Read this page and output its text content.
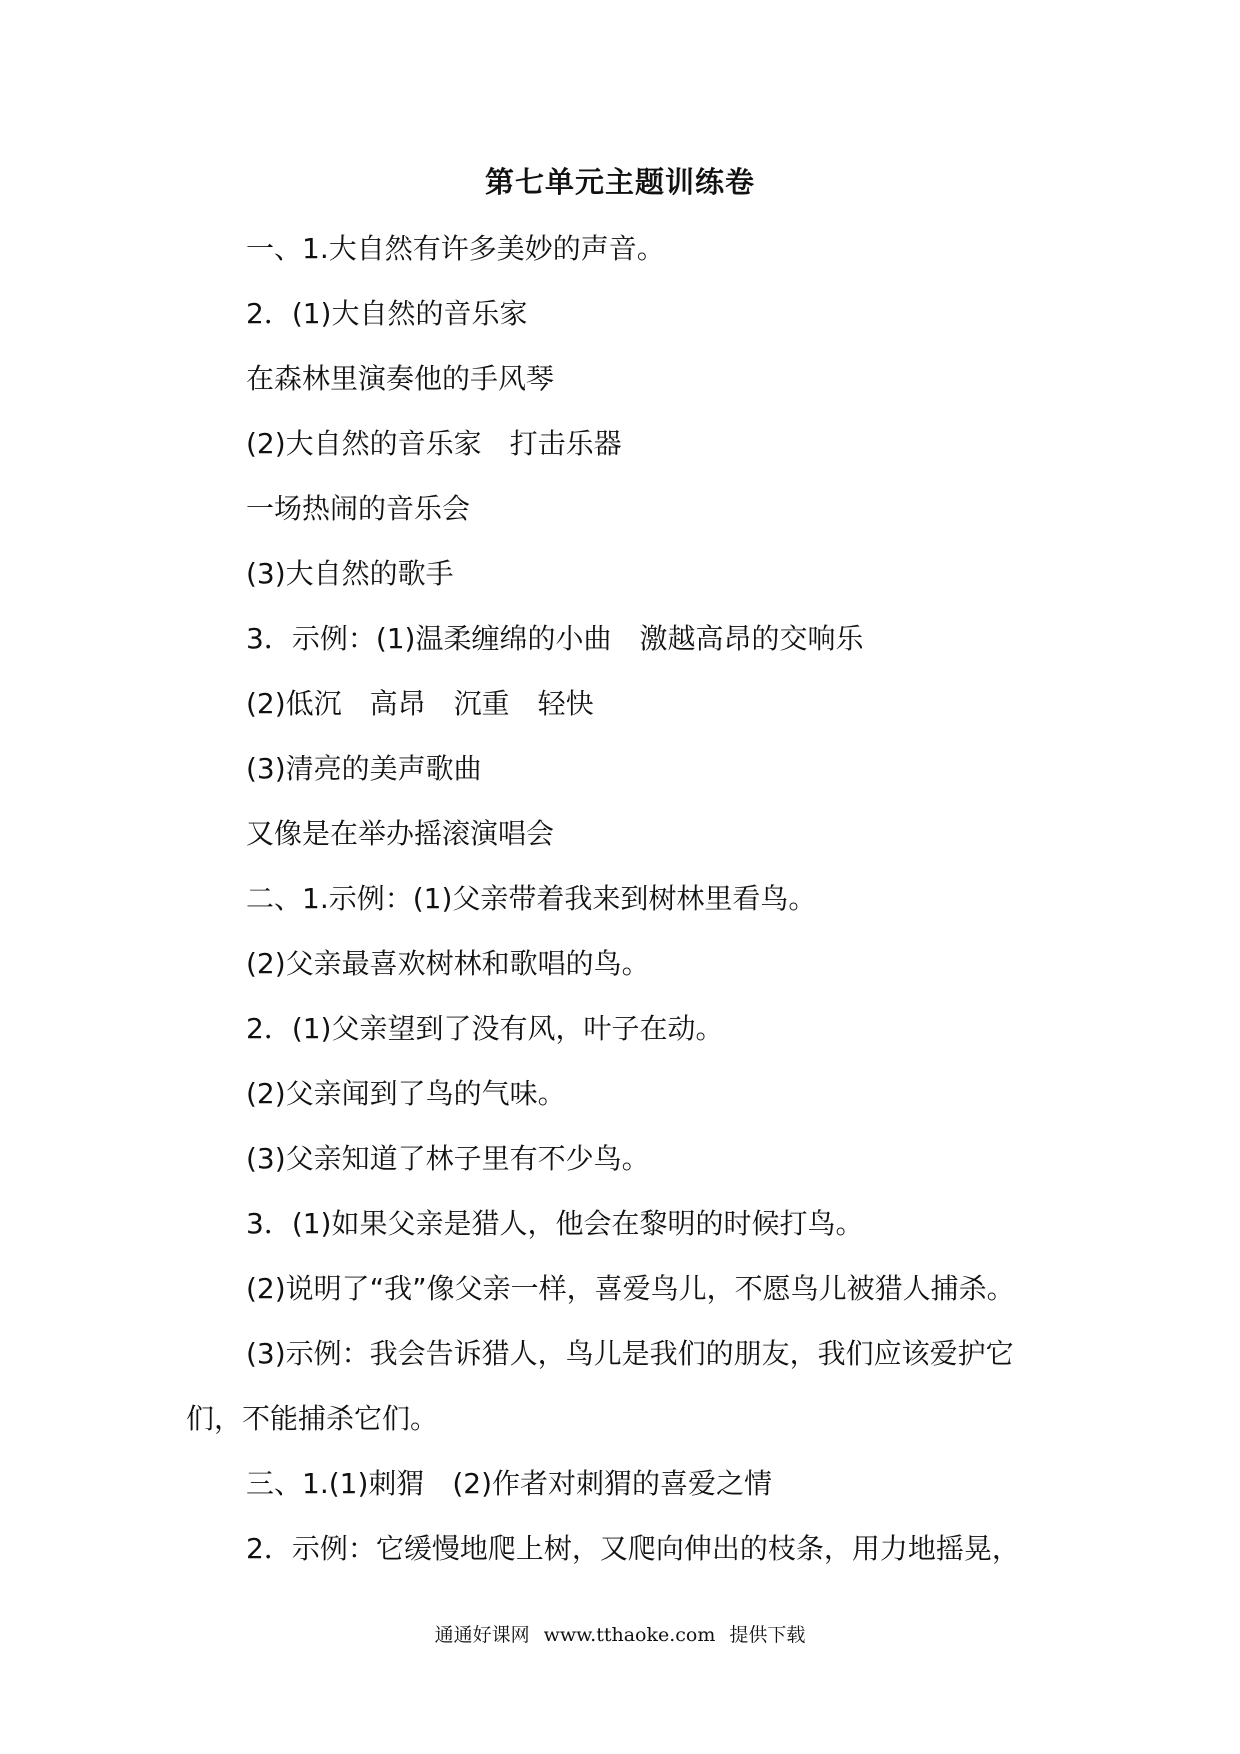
第七单元主题训练卷
一、1.大自然有许多美妙的声音。
2．(1)大自然的音乐家
在森林里演奏他的手风琴
(2)大自然的音乐家　打击乐器
一场热闹的音乐会
(3)大自然的歌手
3．示例：(1)温柔缠绵的小曲　激越高昂的交响乐
(2)低沉　高昂　沉重　轻快
(3)清亮的美声歌曲
又像是在举办摇滚演唱会
二、1.示例：(1)父亲带着我来到树林里看鸟。
(2)父亲最喜欢树林和歌唱的鸟。
2．(1)父亲望到了没有风，叶子在动。
(2)父亲闻到了鸟的气味。
(3)父亲知道了林子里有不少鸟。
3．(1)如果父亲是猎人，他会在黎明的时候打鸟。
(2)说明了“我”像父亲一样，喜爱鸟儿，不愿鸟儿被猎人捕杀。
(3)示例：我会告诉猎人，鸟儿是我们的朋友，我们应该爱护它
们，不能捕杀它们。
三、1.(1)刺猬　(2)作者对刺猬的喜爱之情
2．示例：它缓慢地爬上树，又爬向伸出的枝条，用力地摇晃，
通通好课网 www.tthaoke.com 提供下载
